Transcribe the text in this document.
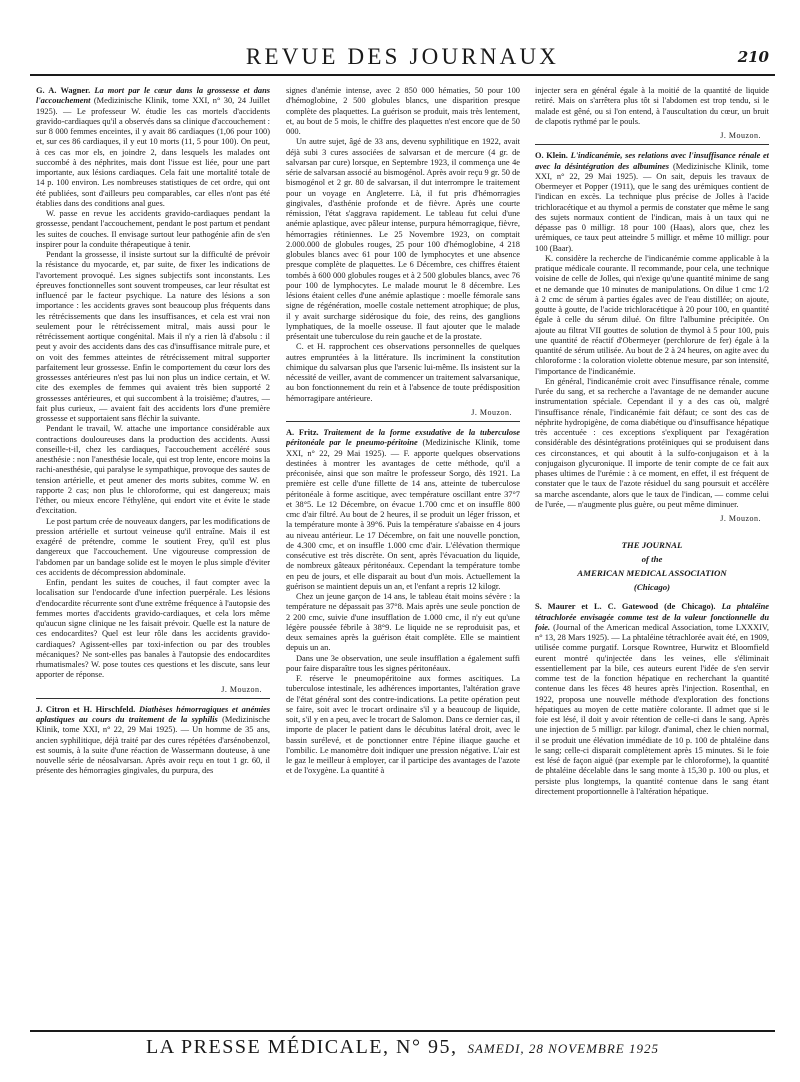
REVUE DES JOURNAUX	210

G. A. Wagner. La mort par le cœur dans la grossesse et dans l'accouchement (Medizinische Klinik, tome XXI, n° 30, 24 Juillet 1925). — Le professeur W. étudie les cas mortels d'accidents gravido-cardiaques qu'il a observés dans sa clinique d'accouchement : sur 8 000 femmes enceintes, il y avait 86 cardiaques (1,06 pour 100) et, sur ces 86 cardiaques, il y eut 10 morts (11, 5 pour 100). On peut, à ces cas mor els, en joindre 2, dans lesquels les malades ont succombé à des néphrites, mais dont l'issue est liée, pour une part importante, aux lésions cardiaques. Cela fait une mortalité totale de 14 p. 100 environ. Les nombreuses statistiques de cet ordre, qui ont été publiées, sont d'ailleurs peu comparables, car elles n'ont pas été établies dans des conditions anal gues.

W. passe en revue les accidents gravido-cardiaques pendant la grossesse, pendant l'accouchement, pendant le post partum et pendant les suites de couches. Il envisage surtout leur pathogénie afin de s'en inspirer pour la conduite thérapeutique à tenir.

Pendant la grossesse, il insiste surtout sur la difficulté de prévoir la résistance du myocarde, et, par suite, de fixer les indications de l'avortement provoqué. Les signes subjectifs sont inconstants. Les épreuves fonctionnelles sont souvent trompeuses, car leur résultat est influencé par le facteur psychique. La nature des lésions a son importance : les accidents graves sont beaucoup plus fréquents dans les rétrécissements que dans les insuffisances, et cela est vrai non seulement pour le rétrécissement mitral, mais aussi pour le rétrécissement aortique congénital. Mais il n'y a rien là d'absolu : il peut y avoir des accidents dans des cas d'insuffisance mitrale pure, et on voit des femmes atteintes de rétrécissement mitral supporter parfaitement leur grossesse. Enfin le comportement du cœur lors des grossesses antérieures n'est pas lui non plus un indice certain, et W. cite des exemples de femmes qui avaient très bien supporté 2 grossesses antérieures, et qui succombent à la troisième; d'autres, — fait plus curieux, — avaient fait des accidents lors d'une première grossesse et supportaient sans fléchir la suivante.

Pendant le travail, W. attache une importance considérable aux contractions douloureuses dans la production des accidents. Aussi conseille-t-il, chez les cardiaques, l'accouchement accéléré sous anesthésie : non l'anesthésie locale, qui est trop lente, encore moins la rachi-anesthésie, qui paralyse le sympathique, provoque des sautes de tension artérielle, et peut amener des morts subites, comme W. en rapporte 2 cas; non plus le chloroforme, qui est dangereux; mais l'éther, ou mieux encore l'éthylène, qui endort vite et évite le stade d'excitation.

Le post partum crée de nouveaux dangers, par les modifications de pression artérielle et surtout veineuse qu'il entraîne. Mais il est exagéré de prétendre, comme le soutient Frey, qu'il est plus dangereux que l'accouchement. Une vigoureuse compression de l'abdomen par un bandage solide est le moyen le plus simple d'éviter ces accidents de décompression abdominale.

Enfin, pendant les suites de couches, il faut compter avec la localisation sur l'endocarde d'une infection puerpérale. Les lésions d'endocardite récurrente sont d'une extrême fréquence à l'autopsie des femmes mortes d'accidents gravido-cardiaques, et cela lors même qu'aucun signe clinique ne les faisait prévoir. Quelle est la nature de ces endocardites? Quel est leur rôle dans les accidents gravido-cardiaques? Agissent-elles par toxi-infection ou par des troubles mécaniques? Ne sont-elles pas banales à l'autopsie des endocardites rhumatismales? W. pose toutes ces questions et les discute, sans leur apporter de réponse.

J. Mouzon.

J. Citron et H. Hirschfeld. Diathèses hémorragiques et anémies aplastiques au cours du traitement de la syphilis (Medizinische Klinik, tome XXI, n° 22, 29 Mai 1925). — Un homme de 35 ans, ancien syphilitique, déjà traité par des cures répétées d'arsénobenzol, est soumis, à la suite d'une réaction de Wassermann douteuse, à une nouvelle série de néosalvarsan. Après avoir reçu en tout 1 gr. 60, il présente des hémorragies gingivales, du purpura, des

signes d'anémie intense, avec 2 850 000 hématies, 50 pour 100 d'hémoglobine, 2 500 globules blancs, une disparition presque complète des plaquettes. La guérison se produit, mais très lentement, et, au bout de 5 mois, le chiffre des plaquettes n'est encore que de 50 000.

Un autre sujet, âgé de 33 ans, devenu syphilitique en 1922, avait déjà subi 3 cures associées de salvarsan et de mercure (4 gr. de salvarsan par cure) lorsque, en Septembre 1923, il commença une 4e série de salvarsan associé au bismogénol. Après avoir reçu 9 gr. 50 de bismogénol et 2 gr. 80 de salvarsan, il dut interrompre le traitement pour un voyage en Angleterre. Là, il fut pris d'hémorragies gingivales, d'asthénie profonde et de fièvre. Après une courte rémission, l'état s'aggrava rapidement. Le tableau fut celui d'une anémie aplastique, avec pâleur intense, purpura hémorragique, fièvre, hémorragies rétiniennes. Le 25 Novembre 1923, on comptait 2.000.000 de globules rouges, 25 pour 100 d'hémoglobine, 4 218 globules blancs avec 61 pour 100 de lymphocytes et une absence presque complète de plaquettes. Le 6 Décembre, ces chiffres étaient tombés à 600 000 globules rouges et à 2 500 globules blancs, avec 76 pour 100 de lymphocytes. Le malade mourut le 8 décembre. Les lésions étaient celles d'une anémie aplastique : moelle fémorale sans signe de régénération, moelle costale nettement atrophique; de plus, il y avait surcharge sidérosique du foie, des reins, des ganglions lymphatiques, de la moelle osseuse. Il faut ajouter que le malade présentait une tuberculose du rein gauche et de la prostate.

C. et H. rapprochent ces observations personnelles de quelques autres empruntées à la littérature. Ils incriminent la constitution chimique du salvarsan plus que l'arsenic lui-même. Ils insistent sur la nécessité de veiller, avant de commencer un traitement salvarsanique, au bon fonctionnement du rein et à l'absence de toute prédisposition hémorragipare antérieure.

J. Mouzon.

A. Fritz. Traitement de la forme exsudative de la tuberculose péritonéale par le pneumo-péritoine (Medizinische Klinik, tome XXI, n° 22, 29 Mai 1925). — F. apporte quelques observations destinées à montrer les avantages de cette méthode, qu'il a préconisée, ainsi que son maître le professeur Sorgo, dès 1921. La première est celle d'une fillette de 14 ans, atteinte de tuberculose péritonéale à forme ascitique, avec température oscillant entre 37°7 et 38°5. Le 12 Décembre, on évacue 1.700 cmc et on insuffle 800 cmc d'air filtré. Au bout de 2 heures, il se produit un léger frisson, et la température monte à 39°6. Puis la température s'abaisse en 4 jours au niveau antérieur. Le 17 Décembre, on fait une nouvelle ponction, de 4.300 cmc, et on insuffle 1.000 cmc d'air. L'élévation thermique consécutive est très discrète. On sent, après l'évacuation du liquide, de nombreux gâteaux péritonéaux. Cependant la température tombe en peu de jours, et elle disparait au bout d'un mois. Actuellement la guérison se maintient depuis un an, et l'enfant a repris 12 kilogr.

Chez un jeune garçon de 14 ans, le tableau était moins sévère : la température ne dépassait pas 37°8. Mais après une seule ponction de 2 200 cmc, suivie d'une insufflation de 1.000 cmc, il n'y eut qu'une légère poussée fébrile à 38°9. Le liquide ne se reproduisit pas, et deux semaines après la guérison était complète. Elle se maintient depuis un an.

Dans une 3e observation, une seule insufflation a également suffi pour faire disparaître tous les signes péritonéaux.

F. réserve le pneumopéritoine aux formes ascitiques. La tuberculose intestinale, les adhérences importantes, l'altération grave de l'état général sont des contre-indications. La petite opération peut se faire, soit avec le trocart ordinaire s'il y a beaucoup de liquide, soit, s'il y en a peu, avec le trocart de Salomon. Dans ce dernier cas, il importe de placer le patient dans le décubitus latéral droit, avec le bassin surélevé, et de ponctionner entre l'épine iliaque gauche et l'ombilic. Le manomètre doit indiquer une pression négative. L'air est le gaz le meilleur à employer, car il participe des avantages de l'azote et de l'oxygène. La quantité à

injecter sera en général égale à la moitié de la quantité de liquide retiré. Mais on s'arrêtera plus tôt si l'abdomen est trop tendu, si le malade est gêné, ou si l'on entend, à l'auscultation du cœur, un bruit de clapotis rythmé par le pouls.

J. Mouzon.

O. Klein. L'indicanémie, ses relations avec l'insuffisance rénale et avec la désintégration des albumines (Medizinische Klinik, tome XXI, n° 22, 29 Mai 1925). — On sait, depuis les travaux de Obermeyer et Popper (1911), que le sang des urémiques contient de l'indican en excès. La technique plus précise de Jolles à l'acide trichloracétique et au thymol a permis de constater que même le sang des sujets normaux contient de l'indican, mais à un taux qui ne dépasse pas 0 milligr. 18 pour 100 (Haas), alors que, chez les urémiques, ce taux peut atteindre 5 milligr. et même 10 milligr. pour 100 (Baar).

K. considère la recherche de l'indicanémie comme applicable à la pratique médicale courante. Il recommande, pour cela, une technique voisine de celle de Jolles, qui n'exige qu'une quantité minime de sang et ne demande que 10 minutes de manipulations. On dilue 1 cmc 1/2 à 2 cmc de sérum à parties égales avec de l'eau distillée; on ajoute, goutte à goutte, de l'acide trichloracétique à 20 pour 100, en quantité égale à celle du sérum dilué. On filtre l'albumine précipitée. On ajoute au filtrat VII gouttes de solution de thymol à 5 pour 100, puis une quantité de réactif d'Obermeyer (perchlorure de fer) égale à la quantité de sérum utilisée. Au bout de 2 à 24 heures, on agite avec du chloroforme : la coloration violette obtenue mesure, par son intensité, l'importance de l'indicanémie.

En général, l'indicanémie croit avec l'insuffisance rénale, comme l'urée du sang, et sa recherche a l'avantage de ne demander aucune instrumentation spéciale. Cependant il y a des cas où, malgré l'insuffisance rénale, l'indicanémie fait défaut; ce sont des cas de néphrite hydropigène, de coma diabétique ou d'insuffisance hépatique très accentuée : ces exceptions s'expliquent par l'exagération considérable des désintégrations protéiniques qui se produisent dans ces circonstances, et qui aboutit à la sulfo-conjugaison et à la conjugaison glycuronique. Il importe de tenir compte de ce fait aux phases ultimes de l'urémie : à ce moment, en effet, il est fréquent de constater que le taux de l'azote résiduel du sang poursuit et accélère sa marche ascendante, alors que le taux de l'indican, — comme celui de l'urée, — n'augmente plus guère, ou peut même diminuer.

J. Mouzon.
THE JOURNAL
of the
AMERICAN MEDICAL ASSOCIATION
(Chicago)

S. Maurer et L. C. Gatewood (de Chicago). La phtaléine tétrachlorée envisagée comme test de la valeur fonctionnelle du foie. (Journal of the American medical Association, tome LXXXIV, n° 13, 28 Mars 1925). — La phtaléine tétrachlorée avait été, en 1909, utilisée comme purgatif. Lorsque Rowntree, Hurwitz et Bloomfield eurent montré qu'injectée dans les veines, elle s'éliminait essentiellement par la bile, ces auteurs eurent l'idée de s'en servir comme test de la fonction hépatique en recherchant la quantité contenue dans les fèces 48 heures après l'injection. Rosenthal, en 1922, proposa une nouvelle méthode d'exploration des fonctions hépatiques au moyen de cette matière colorante. Il admet que si le foie est lésé, il doit y avoir rétention de celle-ci dans le sang. Après une injection de 5 milligr. par kilogr. d'animal, chez le chien normal, il se produit une élévation immédiate de 10 p. 100 de phtaléine dans le sang; celle-ci disparait complètement après 15 minutes. Si le foie est lésé de façon aiguë (par exemple par le chloroforme), la quantité de phtaléine décelable dans le sang monte à 15,30 p. 100 ou plus, et persiste plus longtemps, la quantité contenue dans le sang étant directement proportionnelle à l'altération hépatique.

LA PRESSE MÉDICALE, N° 95, SAMEDI, 28 NOVEMBRE 1925
